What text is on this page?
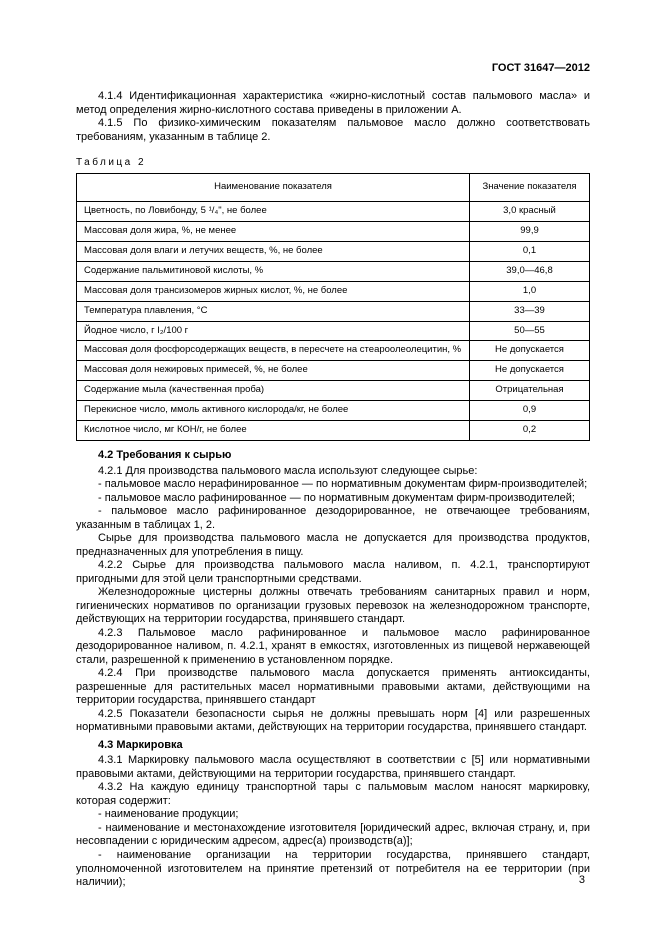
ГОСТ 31647—2012

4.1.4 Идентификационная характеристика «жирно-кислотный состав пальмового масла» и метод определения жирно-кислотного состава приведены в приложении А.

4.1.5 По физико-химическим показателям пальмовое масло должно соответствовать требованиям, указанным в таблице 2.

Таблица 2
Наименование показателя	Значение показателя
Цветность, по Ловибонду, 5 ¹/₄", не более	3,0 красный
Массовая доля жира, %, не менее	99,9
Массовая доля влаги и летучих веществ, %, не более	0,1
Содержание пальмитиновой кислоты, %	39,0—46,8
Массовая доля трансизомеров жирных кислот, %, не более	1,0
Температура плавления, °С	33—39
Йодное число, г I₂/100 г	50—55
Массовая доля фосфорсодержащих веществ, в пересчете на стеароолеолецитин, %	Не допускается
Массовая доля нежировых примесей, %, не более	Не допускается
Содержание мыла (качественная проба)	Отрицательная
Перекисное число, ммоль активного кислорода/кг, не более	0,9
Кислотное число, мг КОН/г, не более	0,2

4.2 Требования к сырью

4.2.1 Для производства пальмового масла используют следующее сырье:

- пальмовое масло нерафинированное — по нормативным документам фирм-производителей;

- пальмовое масло рафинированное — по нормативным документам фирм-производителей;

- пальмовое масло рафинированное дезодорированное, не отвечающее требованиям, указанным в таблицах 1, 2.

Сырье для производства пальмового масла не допускается для производства продуктов, предназначенных для употребления в пищу.

4.2.2 Сырье для производства пальмового масла наливом, п. 4.2.1, транспортируют пригодными для этой цели транспортными средствами.

Железнодорожные цистерны должны отвечать требованиям санитарных правил и норм, гигиенических нормативов по организации грузовых перевозок на железнодорожном транспорте, действующих на территории государства, принявшего стандарт.

4.2.3 Пальмовое масло рафинированное и пальмовое масло рафинированное дезодорированное наливом, п. 4.2.1, хранят в емкостях, изготовленных из пищевой нержавеющей стали, разрешенной к применению в установленном порядке.

4.2.4 При производстве пальмового масла допускается применять антиоксиданты, разрешенные для растительных масел нормативными правовыми актами, действующими на территории государства, принявшего стандарт

4.2.5 Показатели безопасности сырья не должны превышать норм [4] или разрешенных нормативными правовыми актами, действующих на территории государства, принявшего стандарт.

4.3 Маркировка

4.3.1 Маркировку пальмового масла осуществляют в соответствии с [5] или нормативными правовыми актами, действующими на территории государства, принявшего стандарт.

4.3.2 На каждую единицу транспортной тары с пальмовым маслом наносят маркировку, которая содержит:

- наименование продукции;

- наименование и местонахождение изготовителя [юридический адрес, включая страну, и, при несовпадении с юридическим адресом, адрес(а) производств(а)];

- наименование организации на территории государства, принявшего стандарт, уполномоченной изготовителем на принятие претензий от потребителя на ее территории (при наличии);	3
